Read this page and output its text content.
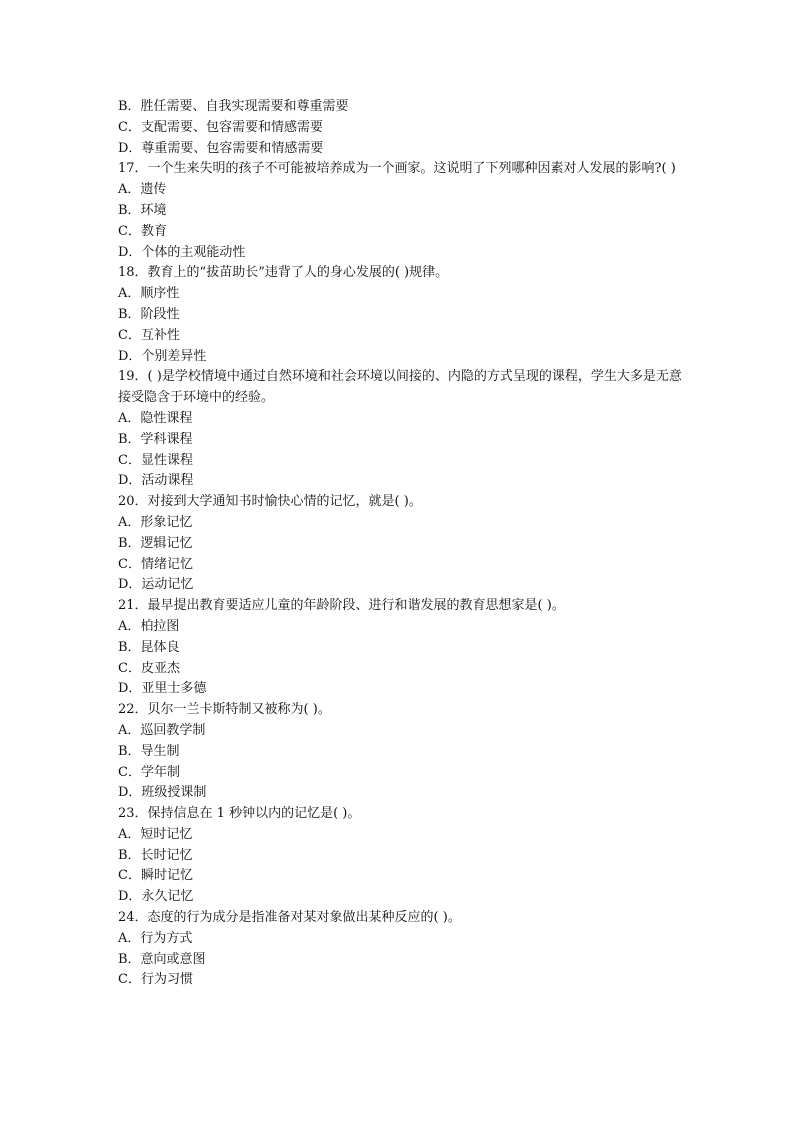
B．胜任需要、自我实现需要和尊重需要
C．支配需要、包容需要和情感需要
D．尊重需要、包容需要和情感需要
17．一个生来失明的孩子不可能被培养成为一个画家。这说明了下列哪种因素对人发展的影响?( )
A．遗传
B．环境
C．教育
D．个体的主观能动性
18．教育上的“拔苗助长”违背了人的身心发展的( )规律。
A．顺序性
B．阶段性
C．互补性
D．个别差异性
19．( )是学校情境中通过自然环境和社会环境以间接的、内隐的方式呈现的课程，学生大多是无意接受隐含于环境中的经验。
A．隐性课程
B．学科课程
C．显性课程
D．活动课程
20．对接到大学通知书时愉快心情的记忆，就是( )。
A．形象记忆
B．逻辑记忆
C．情绪记忆
D．运动记忆
21．最早提出教育要适应儿童的年龄阶段、进行和谐发展的教育思想家是( )。
A．柏拉图
B．昆体良
C．皮亚杰
D．亚里士多德
22．贝尔一兰卡斯特制又被称为( )。
A．巡回教学制
B．导生制
C．学年制
D．班级授课制
23．保持信息在 1 秒钟以内的记忆是( )。
A．短时记忆
B．长时记忆
C．瞬时记忆
D．永久记忆
24．态度的行为成分是指准备对某对象做出某种反应的( )。
A．行为方式
B．意向或意图
C．行为习惯
